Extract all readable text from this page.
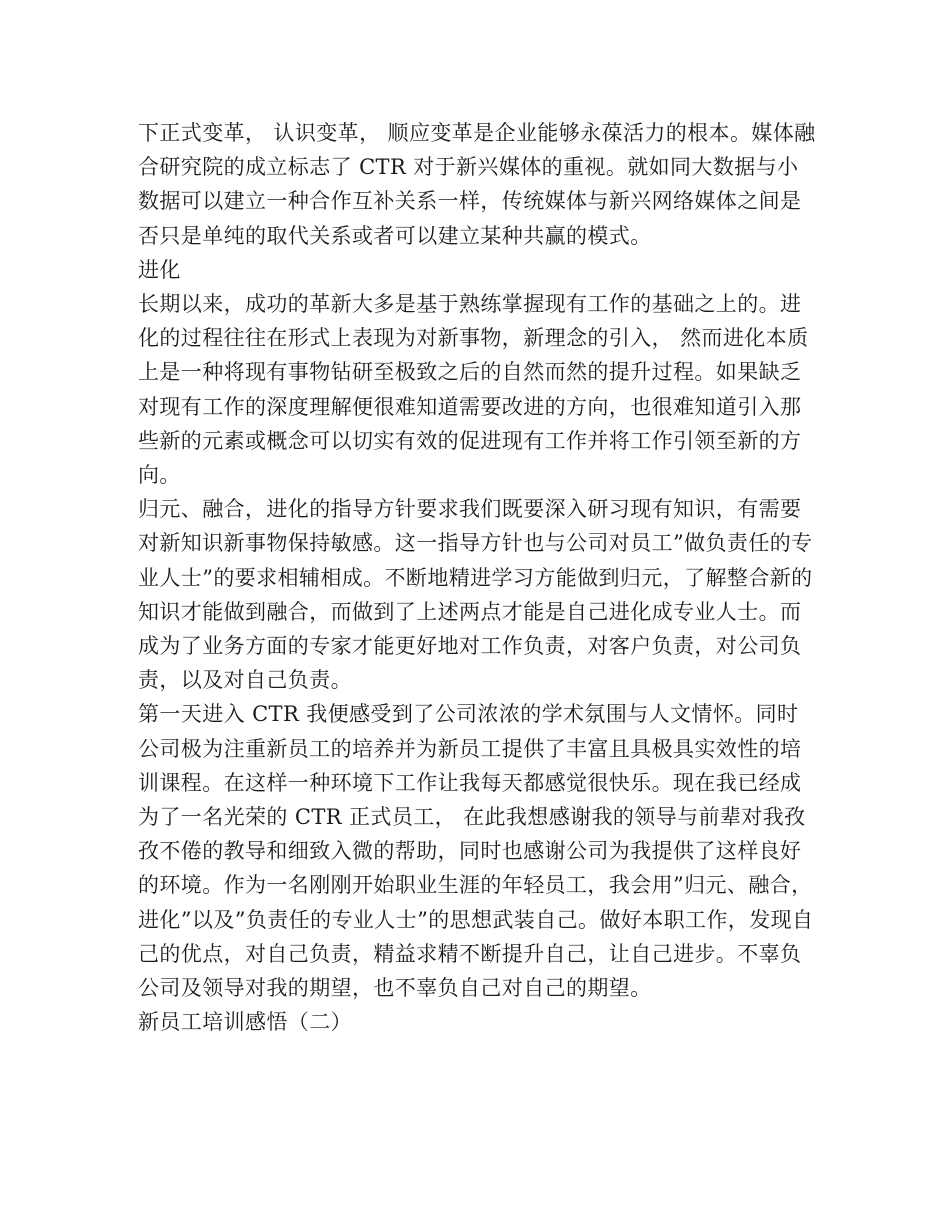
下正式变革， 认识变革， 顺应变革是企业能够永葆活力的根本。媒体融合研究院的成立标志了 CTR 对于新兴媒体的重视。就如同大数据与小数据可以建立一种合作互补关系一样，传统媒体与新兴网络媒体之间是否只是单纯的取代关系或者可以建立某种共赢的模式。

进化

长期以来，成功的革新大多是基于熟练掌握现有工作的基础之上的。进化的过程往往在形式上表现为对新事物，新理念的引入， 然而进化本质上是一种将现有事物钻研至极致之后的自然而然的提升过程。如果缺乏对现有工作的深度理解便很难知道需要改进的方向，也很难知道引入那些新的元素或概念可以切实有效的促进现有工作并将工作引领至新的方向。

归元、融合，进化的指导方针要求我们既要深入研习现有知识，有需要对新知识新事物保持敏感。这一指导方针也与公司对员工”做负责任的专业人士”的要求相辅相成。不断地精进学习方能做到归元，了解整合新的知识才能做到融合，而做到了上述两点才能是自己进化成专业人士。而成为了业务方面的专家才能更好地对工作负责，对客户负责，对公司负责，以及对自己负责。

第一天进入 CTR 我便感受到了公司浓浓的学术氛围与人文情怀。同时公司极为注重新员工的培养并为新员工提供了丰富且具极具实效性的培训课程。在这样一种环境下工作让我每天都感觉很快乐。现在我已经成为了一名光荣的 CTR 正式员工， 在此我想感谢我的领导与前辈对我孜孜不倦的教导和细致入微的帮助，同时也感谢公司为我提供了这样良好的环境。作为一名刚刚开始职业生涯的年轻员工，我会用”归元、融合，进化”以及”负责任的专业人士”的思想武装自己。做好本职工作，发现自己的优点，对自己负责，精益求精不断提升自己，让自己进步。不辜负公司及领导对我的期望，也不辜负自己对自己的期望。

新员工培训感悟（二）
